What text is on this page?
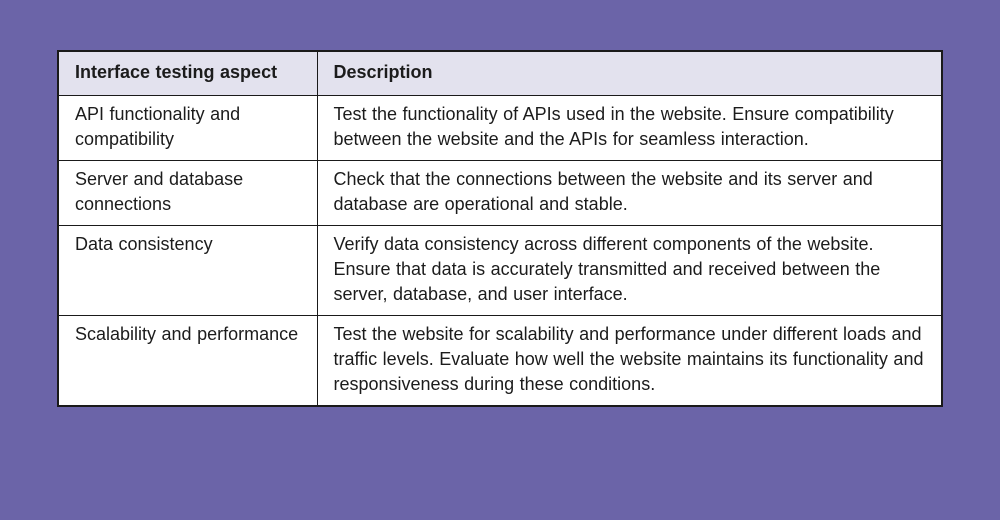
Interface testing aspect	Description
API functionality and compatibility	Test the functionality of APIs used in the website. Ensure compatibility between the website and the APIs for seamless interaction.
Server and database connections	Check that the connections between the website and its server and database are operational and stable.
Data consistency	Verify data consistency across different components of the website. Ensure that data is accurately transmitted and received between the server, database, and user interface.
Scalability and performance	Test the website for scalability and performance under different loads and traffic levels. Evaluate how well the website maintains its functionality and responsiveness during these conditions.
